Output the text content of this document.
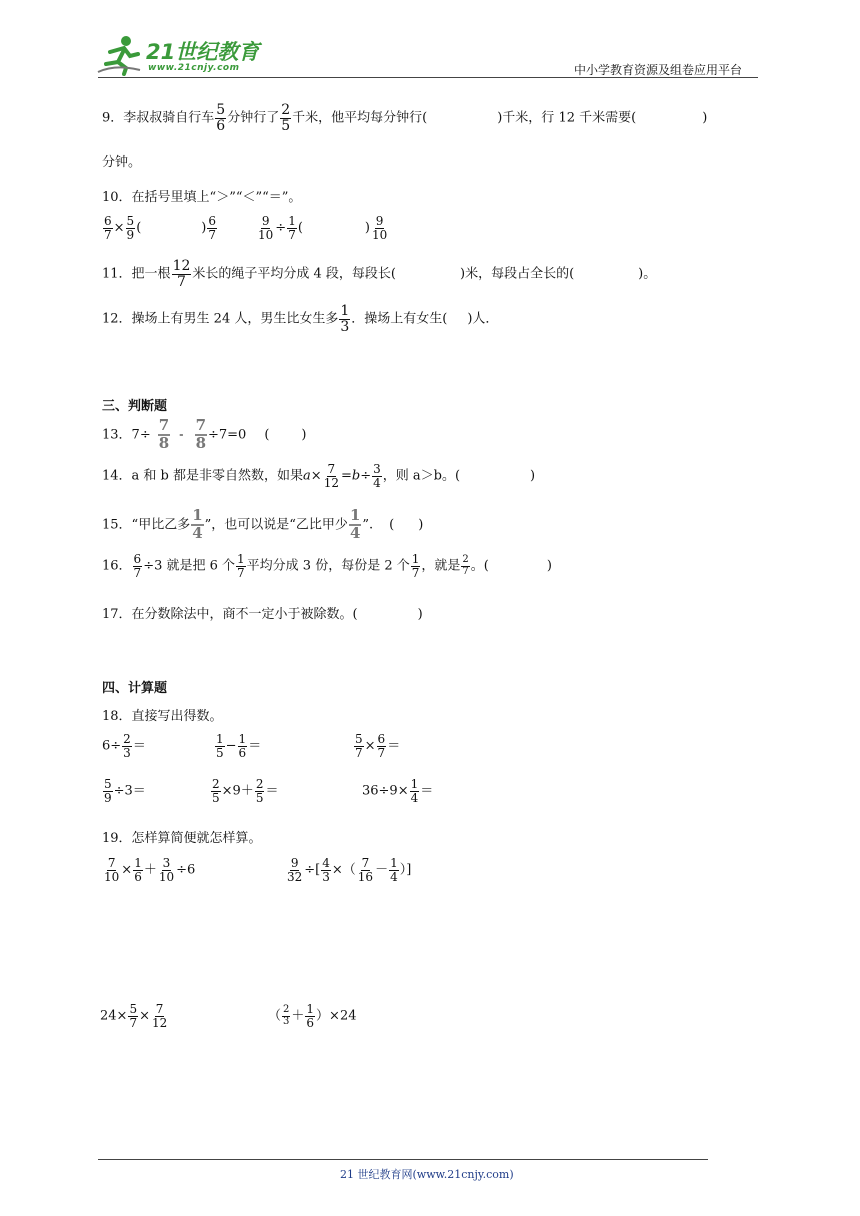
21世纪教育
www.21cnjy.com	中小学教育资源及组卷应用平台
9．李叔叔骑自行车 $\frac{5}{6}$ 分钟行了 $\frac{2}{5}$ 千米，他平均每分钟行(	)千米，行 12 千米需要(	)
分钟。
10．在括号里填上“＞”“＜”“＝”。
$\frac{6}{7} \times \frac{5}{9}$ (	) $\frac{6}{7}$	$\frac{9}{10} \div \frac{1}{7}$ (	) $\frac{9}{10}$
11．把一根 $\frac{12}{7}$ 米长的绳子平均分成 4 段，每段长(	)米，每段占全长的(	)。
12．操场上有男生 24 人，男生比女生多 $\frac{1}{3}$ ．操场上有女生( )人．
三、判断题
13．$7\div \frac{7}{8} - \frac{7}{8} \div 7=0$ ( )
14．a 和 b 都是非零自然数，如果$a\times \frac{7}{12} =b\div \frac{3}{4}$ ，则 a＞b。(	)
15．“甲比乙多 $\frac{1}{4}$ ”，也可以说是“乙比甲少 $\frac{1}{4}$ ”. ( )
16． $\frac{6}{7} \div 3$ 就是把 6 个 $\frac{1}{7}$ 平均分成 3 份，每份是 2 个 $\frac{1}{7}$ ，就是 $\frac{2}{7}$ 。(	)
17．在分数除法中，商不一定小于被除数。(	)
四、计算题
18．直接写出得数。
$6\div \frac{2}{3}$ ＝	$\frac{1}{5} - \frac{1}{6}$ ＝	$\frac{5}{7} \times \frac{6}{7}$ ＝
$\frac{5}{9} \div 3=$	$\frac{2}{5} \times 9+ \frac{2}{5}$ ＝	$36\div 9\times \frac{1}{4}$ ＝
19．怎样算简便就怎样算。
$\frac{7}{10} \times \frac{1}{6} + \frac{3}{10} \div 6$	$\frac{9}{32}$ ÷[ $\frac{4}{3}$ ×（ $\frac{7}{16} - \frac{1}{4}$ ）]
$24\times \frac{5}{7} \times \frac{7}{12}$	（ $\frac{2}{3} + \frac{1}{6} )\times 24$
21 世纪教育网(www.21cnjy.com)
